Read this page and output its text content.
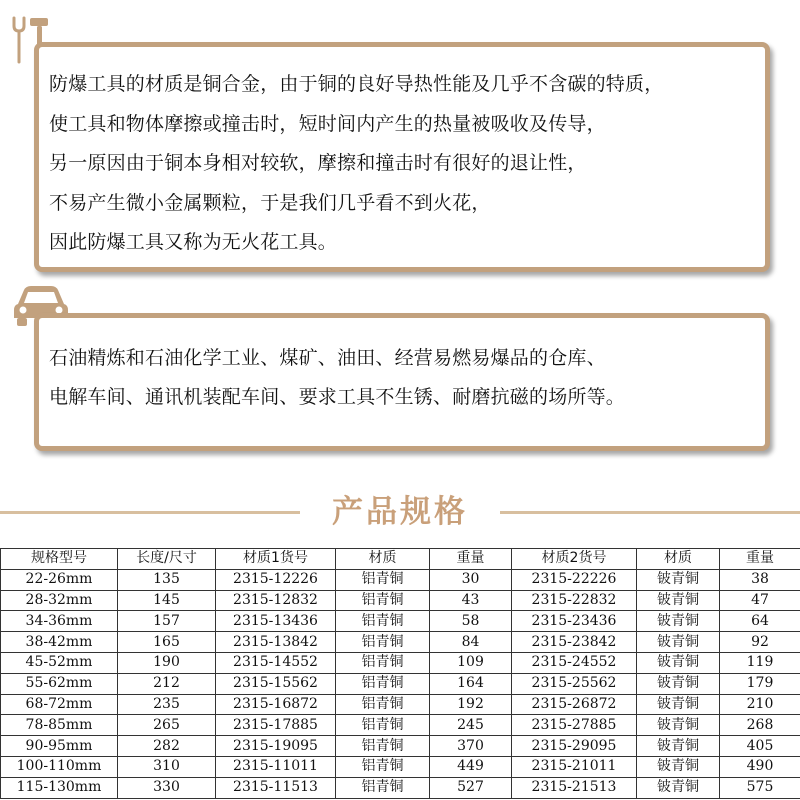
防爆工具的材质是铜合金，由于铜的良好导热性能及几乎不含碳的特质，
使工具和物体摩擦或撞击时，短时间内产生的热量被吸收及传导，
另一原因由于铜本身相对较软，摩擦和撞击时有很好的退让性，
不易产生微小金属颗粒，于是我们几乎看不到火花，
因此防爆工具又称为无火花工具。
石油精炼和石油化学工业、煤矿、油田、经营易燃易爆品的仓库、
电解车间、通讯机装配车间、要求工具不生锈、耐磨抗磁的场所等。
产品规格
规格型号	长度/尺寸	材质1货号	材质	重量	材质2货号	材质	重量
22-26mm	135	2315-12226	铝青铜	30	2315-22226	铍青铜	38
28-32mm	145	2315-12832	铝青铜	43	2315-22832	铍青铜	47
34-36mm	157	2315-13436	铝青铜	58	2315-23436	铍青铜	64
38-42mm	165	2315-13842	铝青铜	84	2315-23842	铍青铜	92
45-52mm	190	2315-14552	铝青铜	109	2315-24552	铍青铜	119
55-62mm	212	2315-15562	铝青铜	164	2315-25562	铍青铜	179
68-72mm	235	2315-16872	铝青铜	192	2315-26872	铍青铜	210
78-85mm	265	2315-17885	铝青铜	245	2315-27885	铍青铜	268
90-95mm	282	2315-19095	铝青铜	370	2315-29095	铍青铜	405
100-110mm	310	2315-11011	铝青铜	449	2315-21011	铍青铜	490
115-130mm	330	2315-11513	铝青铜	527	2315-21513	铍青铜	575
